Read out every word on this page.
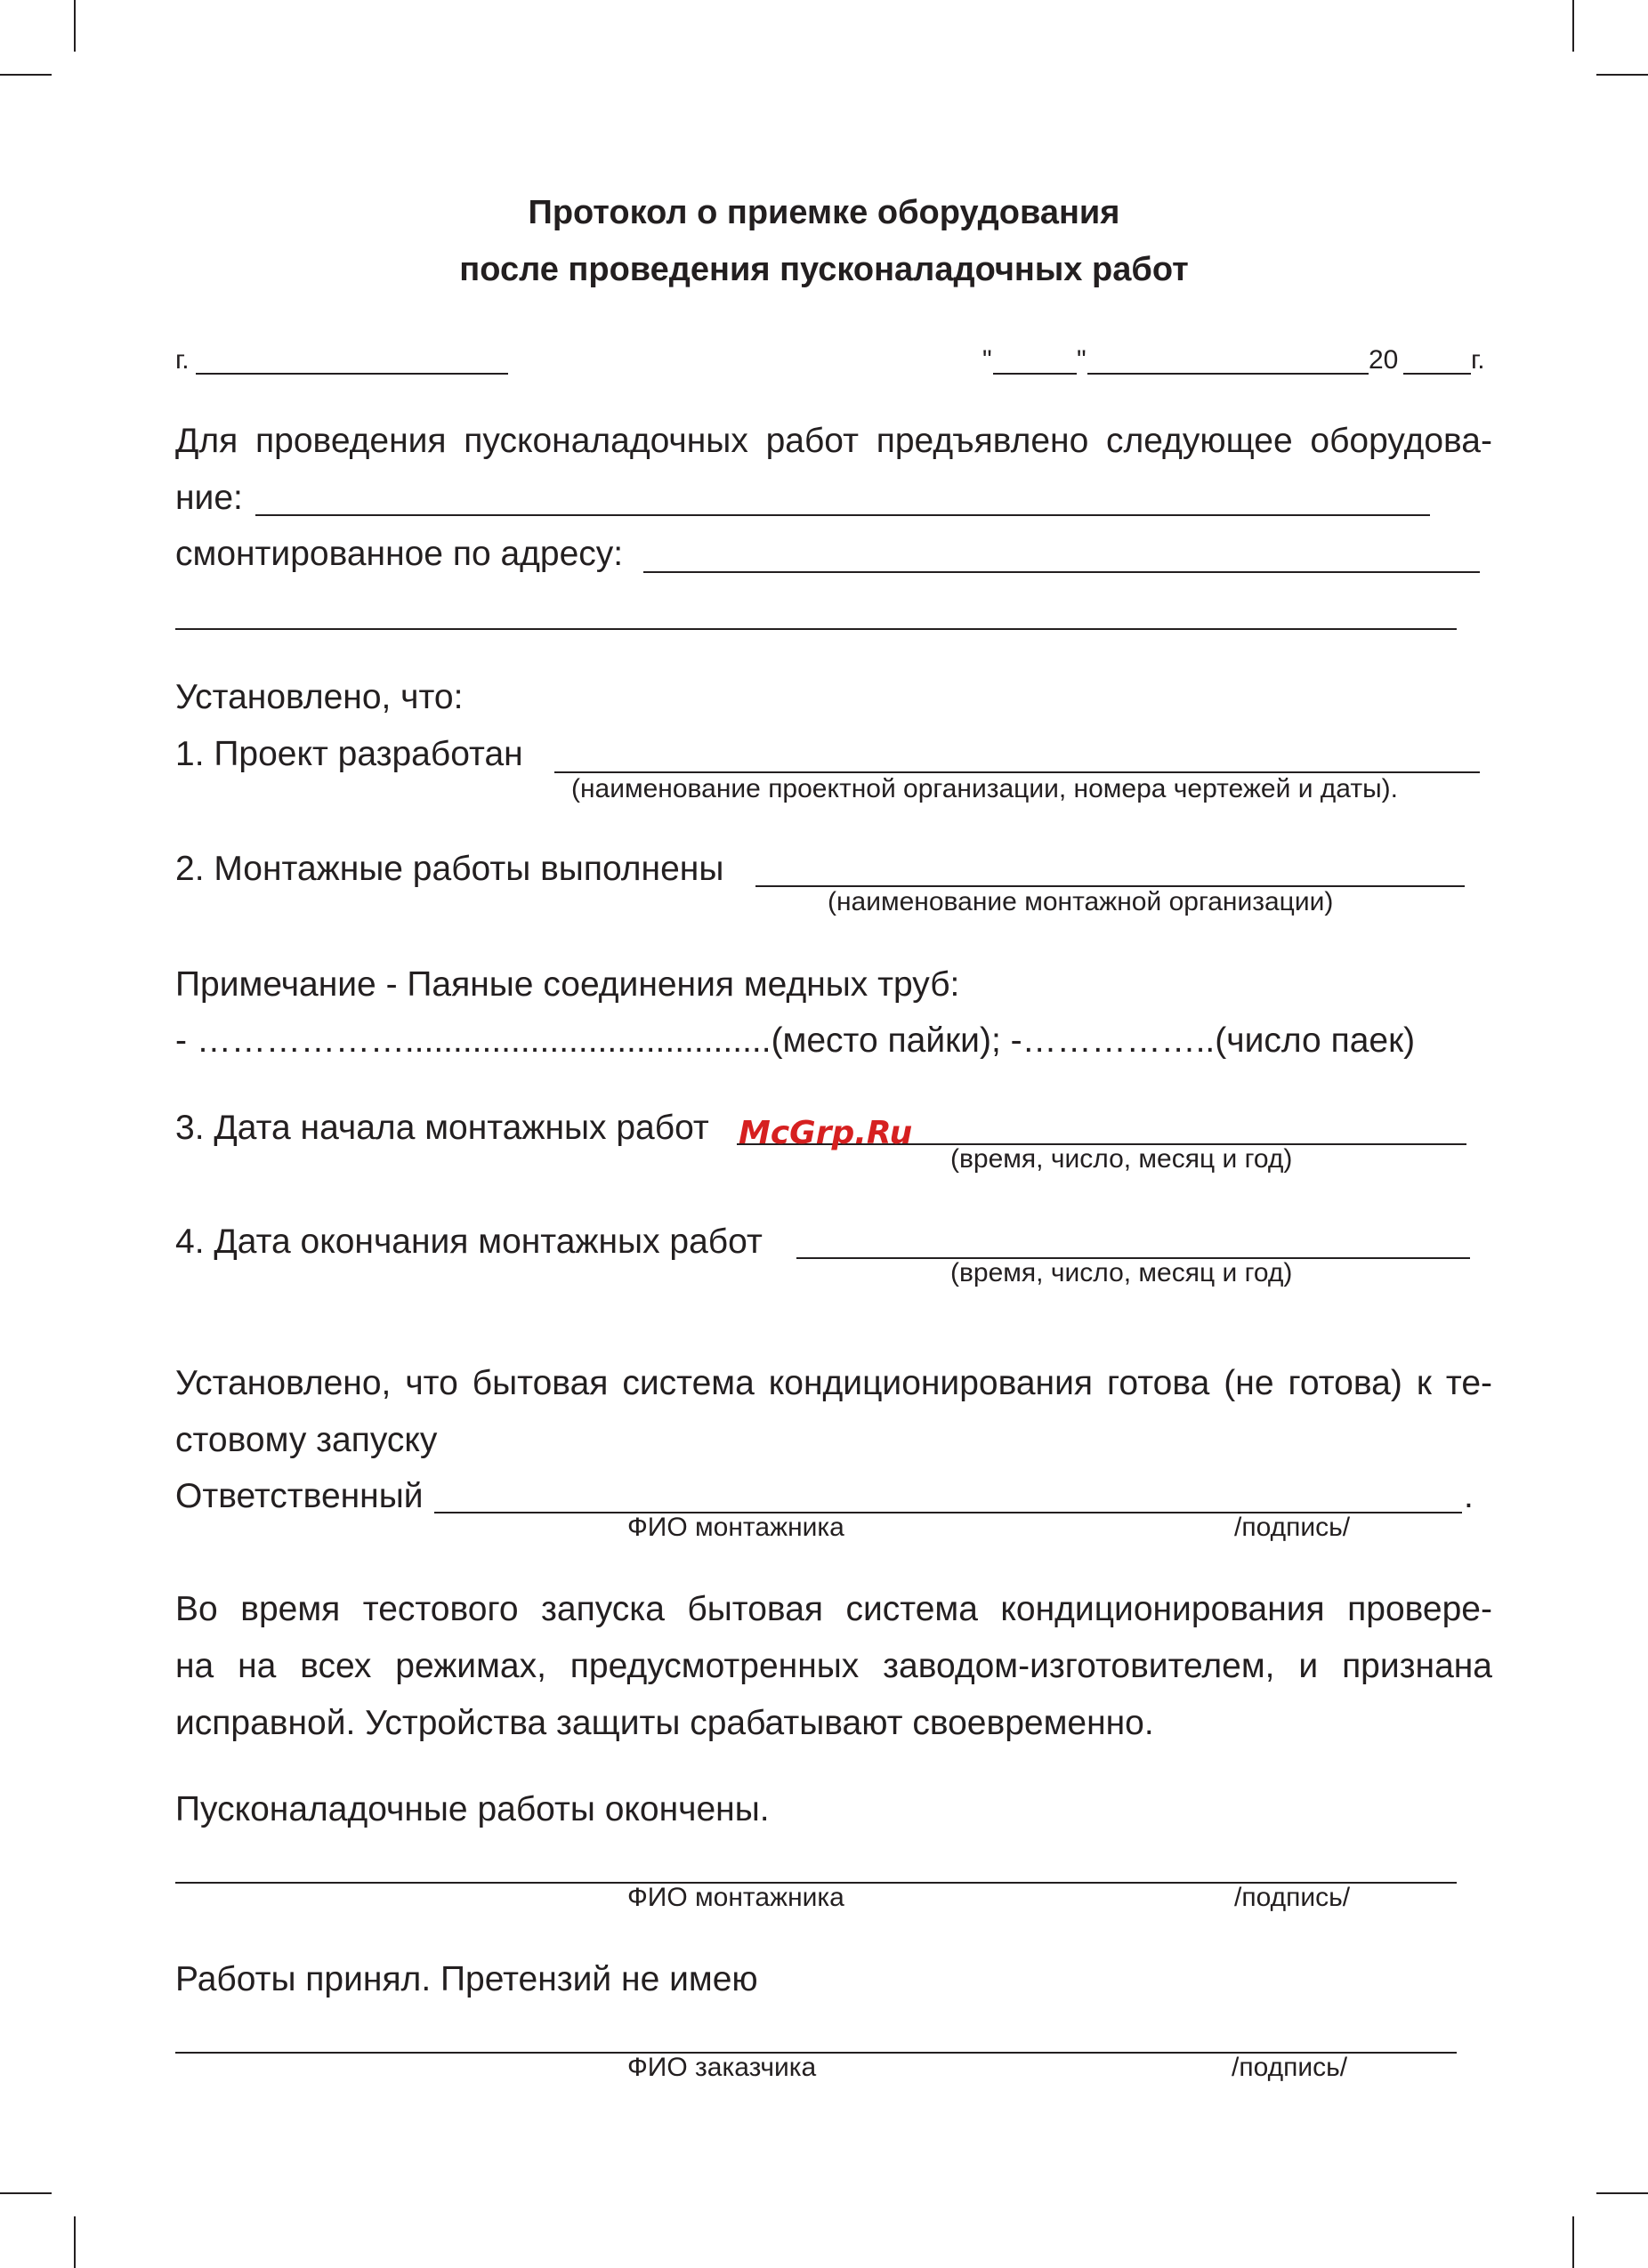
Протокол о приемке оборудования
после проведения пусконаладочных работ
г.	"	"	20	г.
Для проведения пусконаладочных работ предъявлено следующее оборудова-
ние:
смонтированное по адресу:
Установлено, что:
1. Проект разработан
(наименование проектной организации, номера чертежей и даты).
2. Монтажные работы выполнены
(наименование монтажной организации)
Примечание - Паяные соединения медных труб:
- ………………......................................(место пайки); -……………..(число паек)
3. Дата начала монтажных работ McGrp.Ru
(время, число, месяц и год)
4. Дата окончания монтажных работ
(время, число, месяц и год)
Установлено, что бытовая система кондиционирования готова (не готова) к те-
стовому запуску
Ответственный	.
ФИО монтажника	/подпись/
Во время тестового запуска бытовая система кондиционирования провере-
на на всех режимах, предусмотренных заводом-изготовителем, и признана
исправной. Устройства защиты срабатывают своевременно.
Пусконаладочные работы окончены.
ФИО монтажника	/подпись/
Работы принял. Претензий не имею
ФИО заказчика	/подпись/
